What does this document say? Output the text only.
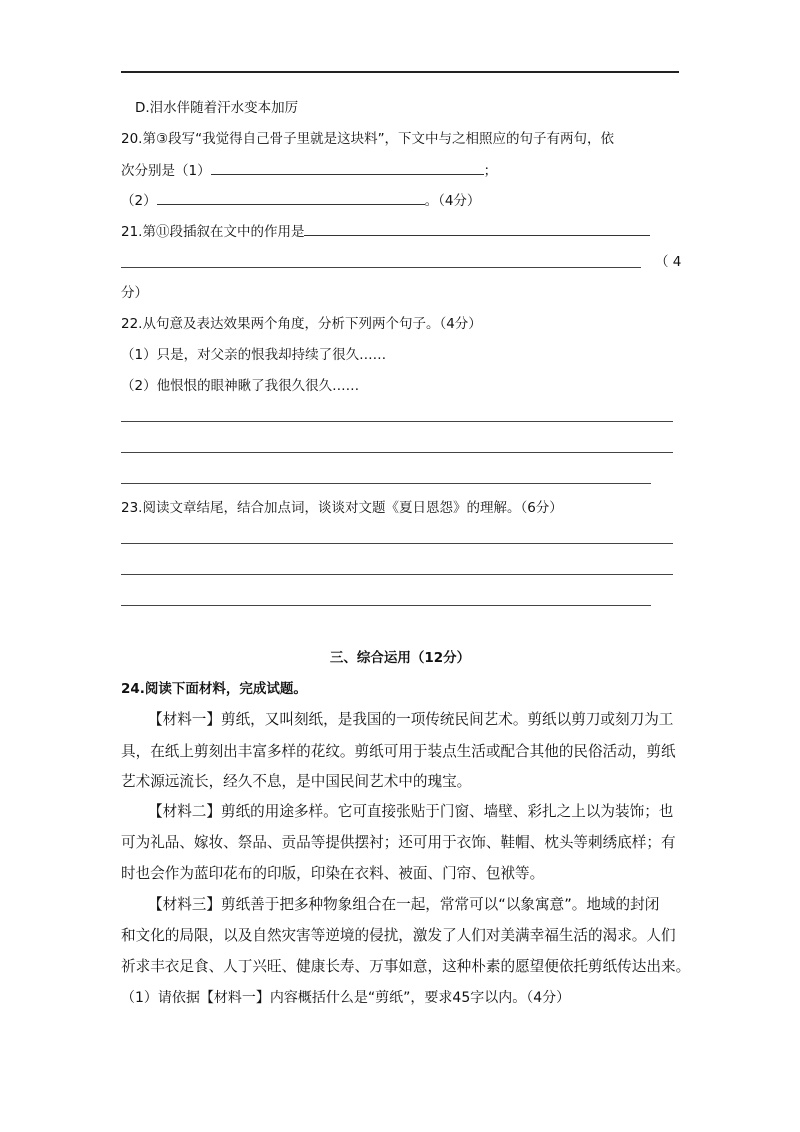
D.泪水伴随着汗水变本加厉
20.第③段写“我觉得自己骨子里就是这块料”，下文中与之相照应的句子有两句，依
次分别是（1）	；
（2）	。（4分）
21.第⑪段插叙在文中的作用是
（ 4
分）
22.从句意及表达效果两个角度，分析下列两个句子。（4分）
（1）只是，对父亲的恨我却持续了很久……
（2）他恨恨的眼神瞅了我很久很久……
23.阅读文章结尾，结合加点词，谈谈对文题《夏日恩怨》的理解。（6分）
三、综合运用（12分）
24.阅读下面材料，完成试题。
【材料一】剪纸，又叫刻纸，是我国的一项传统民间艺术。剪纸以剪刀或刻刀为工
具，在纸上剪刻出丰富多样的花纹。剪纸可用于装点生活或配合其他的民俗活动，剪纸
艺术源远流长，经久不息，是中国民间艺术中的瑰宝。
【材料二】剪纸的用途多样。它可直接张贴于门窗、墙壁、彩扎之上以为装饰；也
可为礼品、嫁妆、祭品、贡品等提供摆衬；还可用于衣饰、鞋帽、枕头等刺绣底样；有
时也会作为蓝印花布的印版，印染在衣料、被面、门帘、包袱等。
【材料三】剪纸善于把多种物象组合在一起，常常可以“以象寓意”。地域的封闭
和文化的局限，以及自然灾害等逆境的侵扰，激发了人们对美满幸福生活的渴求。人们
祈求丰衣足食、人丁兴旺、健康长寿、万事如意，这种朴素的愿望便依托剪纸传达出来。
（1）请依据【材料一】内容概括什么是“剪纸”，要求45字以内。（4分）
